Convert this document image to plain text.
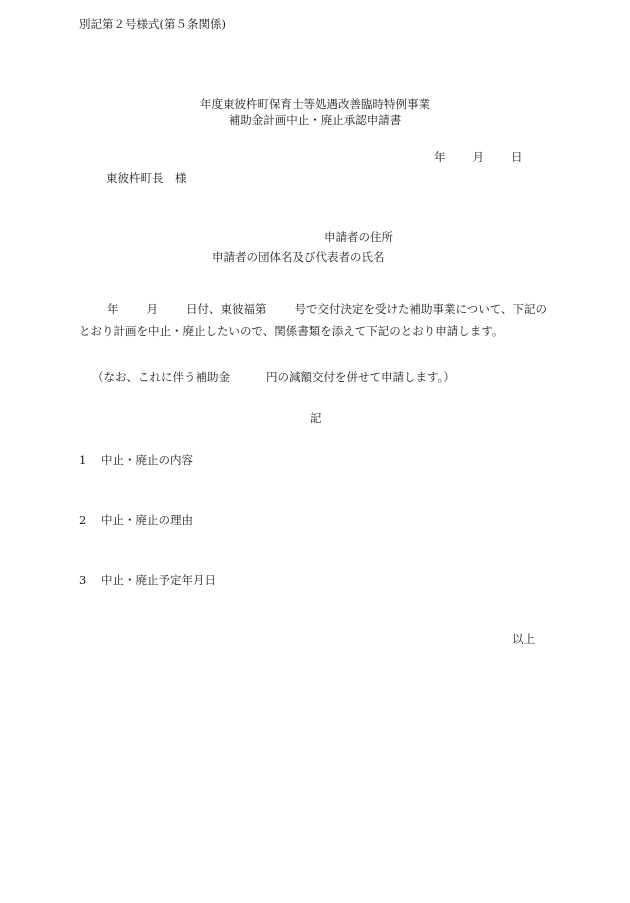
別記第２号様式(第５条関係)

年度東彼杵町保育士等処遇改善臨時特例事業

補助金計画中止・廃止承認申請書

年 月 日

東彼杵町長　様

申請者の住所

申請者の団体名及び代表者の氏名

年 月 日付、東彼福第 号で交付決定を受けた補助事業について、下記のとおり計画を中止・廃止したいので、関係書類を添えて下記のとおり申請します。

（なお、これに伴う補助金	円の減額交付を併せて申請します。）

記

1 中止・廃止の内容

2 中止・廃止の理由

3 中止・廃止予定年月日

以上
